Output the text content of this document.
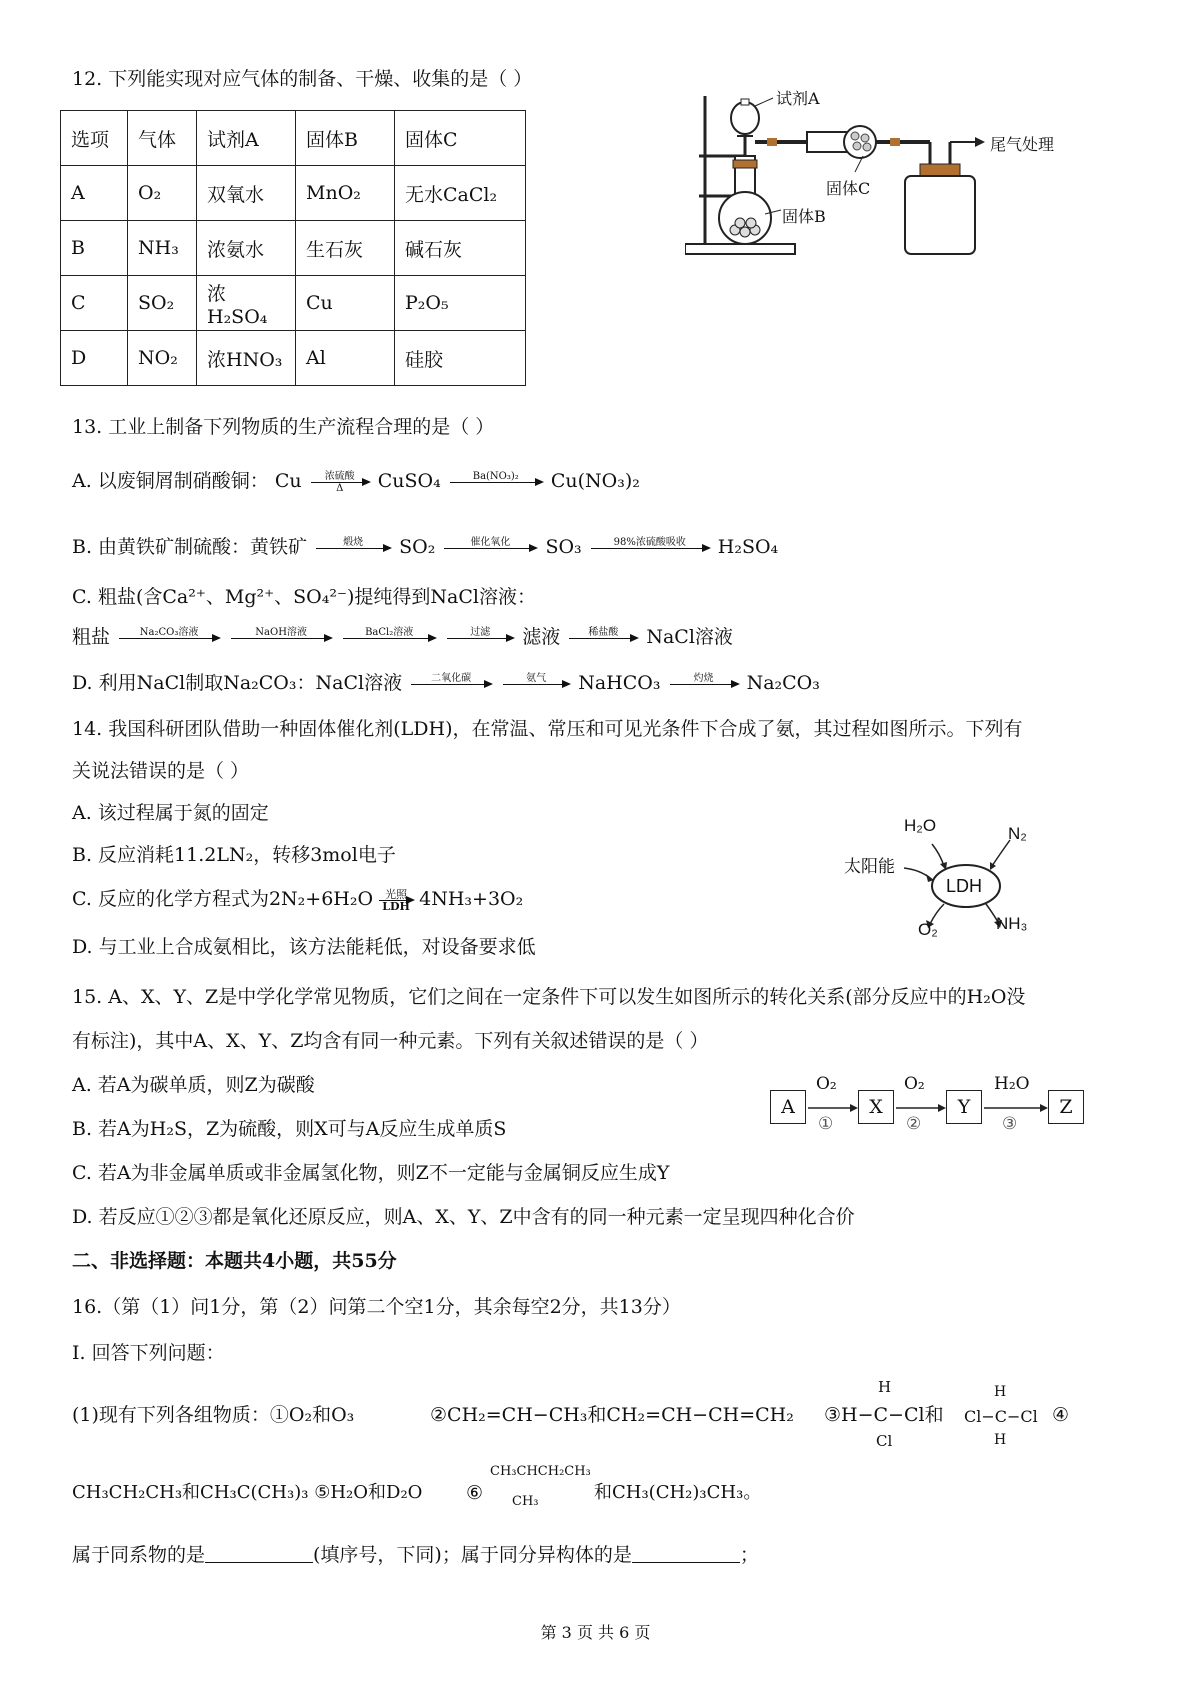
12. 下列能实现对应气体的制备、干燥、收集的是（ ）
选项	气体	试剂A	固体B	固体C
A	O₂	双氧水	MnO₂	无水CaCl₂
B	NH₃	浓氨水	生石灰	碱石灰
C	SO₂	浓H₂SO₄	Cu	P₂O₅
D	NO₂	浓HNO₃	Al	硅胶
试剂A
固体C
固体B
尾气处理
13. 工业上制备下列物质的生产流程合理的是（ ）
A. 以废铜屑制硝酸铜： Cu	浓硫酸
Δ	CuSO₄	Ba(NO₃)₂	Cu(NO₃)₂
B. 由黄铁矿制硫酸：黄铁矿	煅烧	SO₂	催化氧化	SO₃	98%浓硫酸吸收	H₂SO₄
C. 粗盐(含Ca²⁺、Mg²⁺、SO₄²⁻)提纯得到NaCl溶液：
粗盐	Na₂CO₃溶液
	NaOH溶液
	BaCl₂溶液
	过滤	滤液	稀盐酸	NaCl溶液
D. 利用NaCl制取Na₂CO₃：NaCl溶液	二氧化碳
	氨气	NaHCO₃	灼烧	Na₂CO₃
14. 我国科研团队借助一种固体催化剂(LDH)，在常温、常压和可见光条件下合成了氨，其过程如图所示。下列有
关说法错误的是（ ）
A. 该过程属于氮的固定
B. 反应消耗11.2LN₂，转移3mol电子
C. 反应的化学方程式为2N₂+6H₂O	光照
LDH 4NH₃+3O₂
D. 与工业上合成氨相比，该方法能耗低，对设备要求低
LDH
H₂O	N₂
太阳能
O₂	NH₃
15. A、X、Y、Z是中学化学常见物质，它们之间在一定条件下可以发生如图所示的转化关系(部分反应中的H₂O没
有标注)，其中A、X、Y、Z均含有同一种元素。下列有关叙述错误的是（ ）
A. 若A为碳单质，则Z为碳酸
B. 若A为H₂S，Z为硫酸，则X可与A反应生成单质S
C. 若A为非金属单质或非金属氢化物，则Z不一定能与金属铜反应生成Y
D. 若反应①②③都是氧化还原反应，则A、X、Y、Z中含有的同一种元素一定呈现四种化合价
A	X	Y	Z
O₂	O₂	H₂O
①	②	③
二、非选择题：本题共4小题，共55分
16.（第（1）问1分，第（2）问第二个空1分，其余每空2分，共13分）
I. 回答下列问题：
(1)现有下列各组物质：①O₂和O₃	②CH₂=CH−CH₃和CH₂=CH−CH=CH₂ ③H−C−Cl和
H
Cl
Cl−C−Cl
H
H
④
CH₃CH₂CH₃和CH₃C(CH₃)₃ ⑤H₂O和D₂O ⑥
CH₃CHCH₂CH₃
CH₃	和CH₃(CH₂)₃CH₃。
属于同系物的是	(填序号，下同)；属于同分异构体的是	；
第 3 页 共 6 页
